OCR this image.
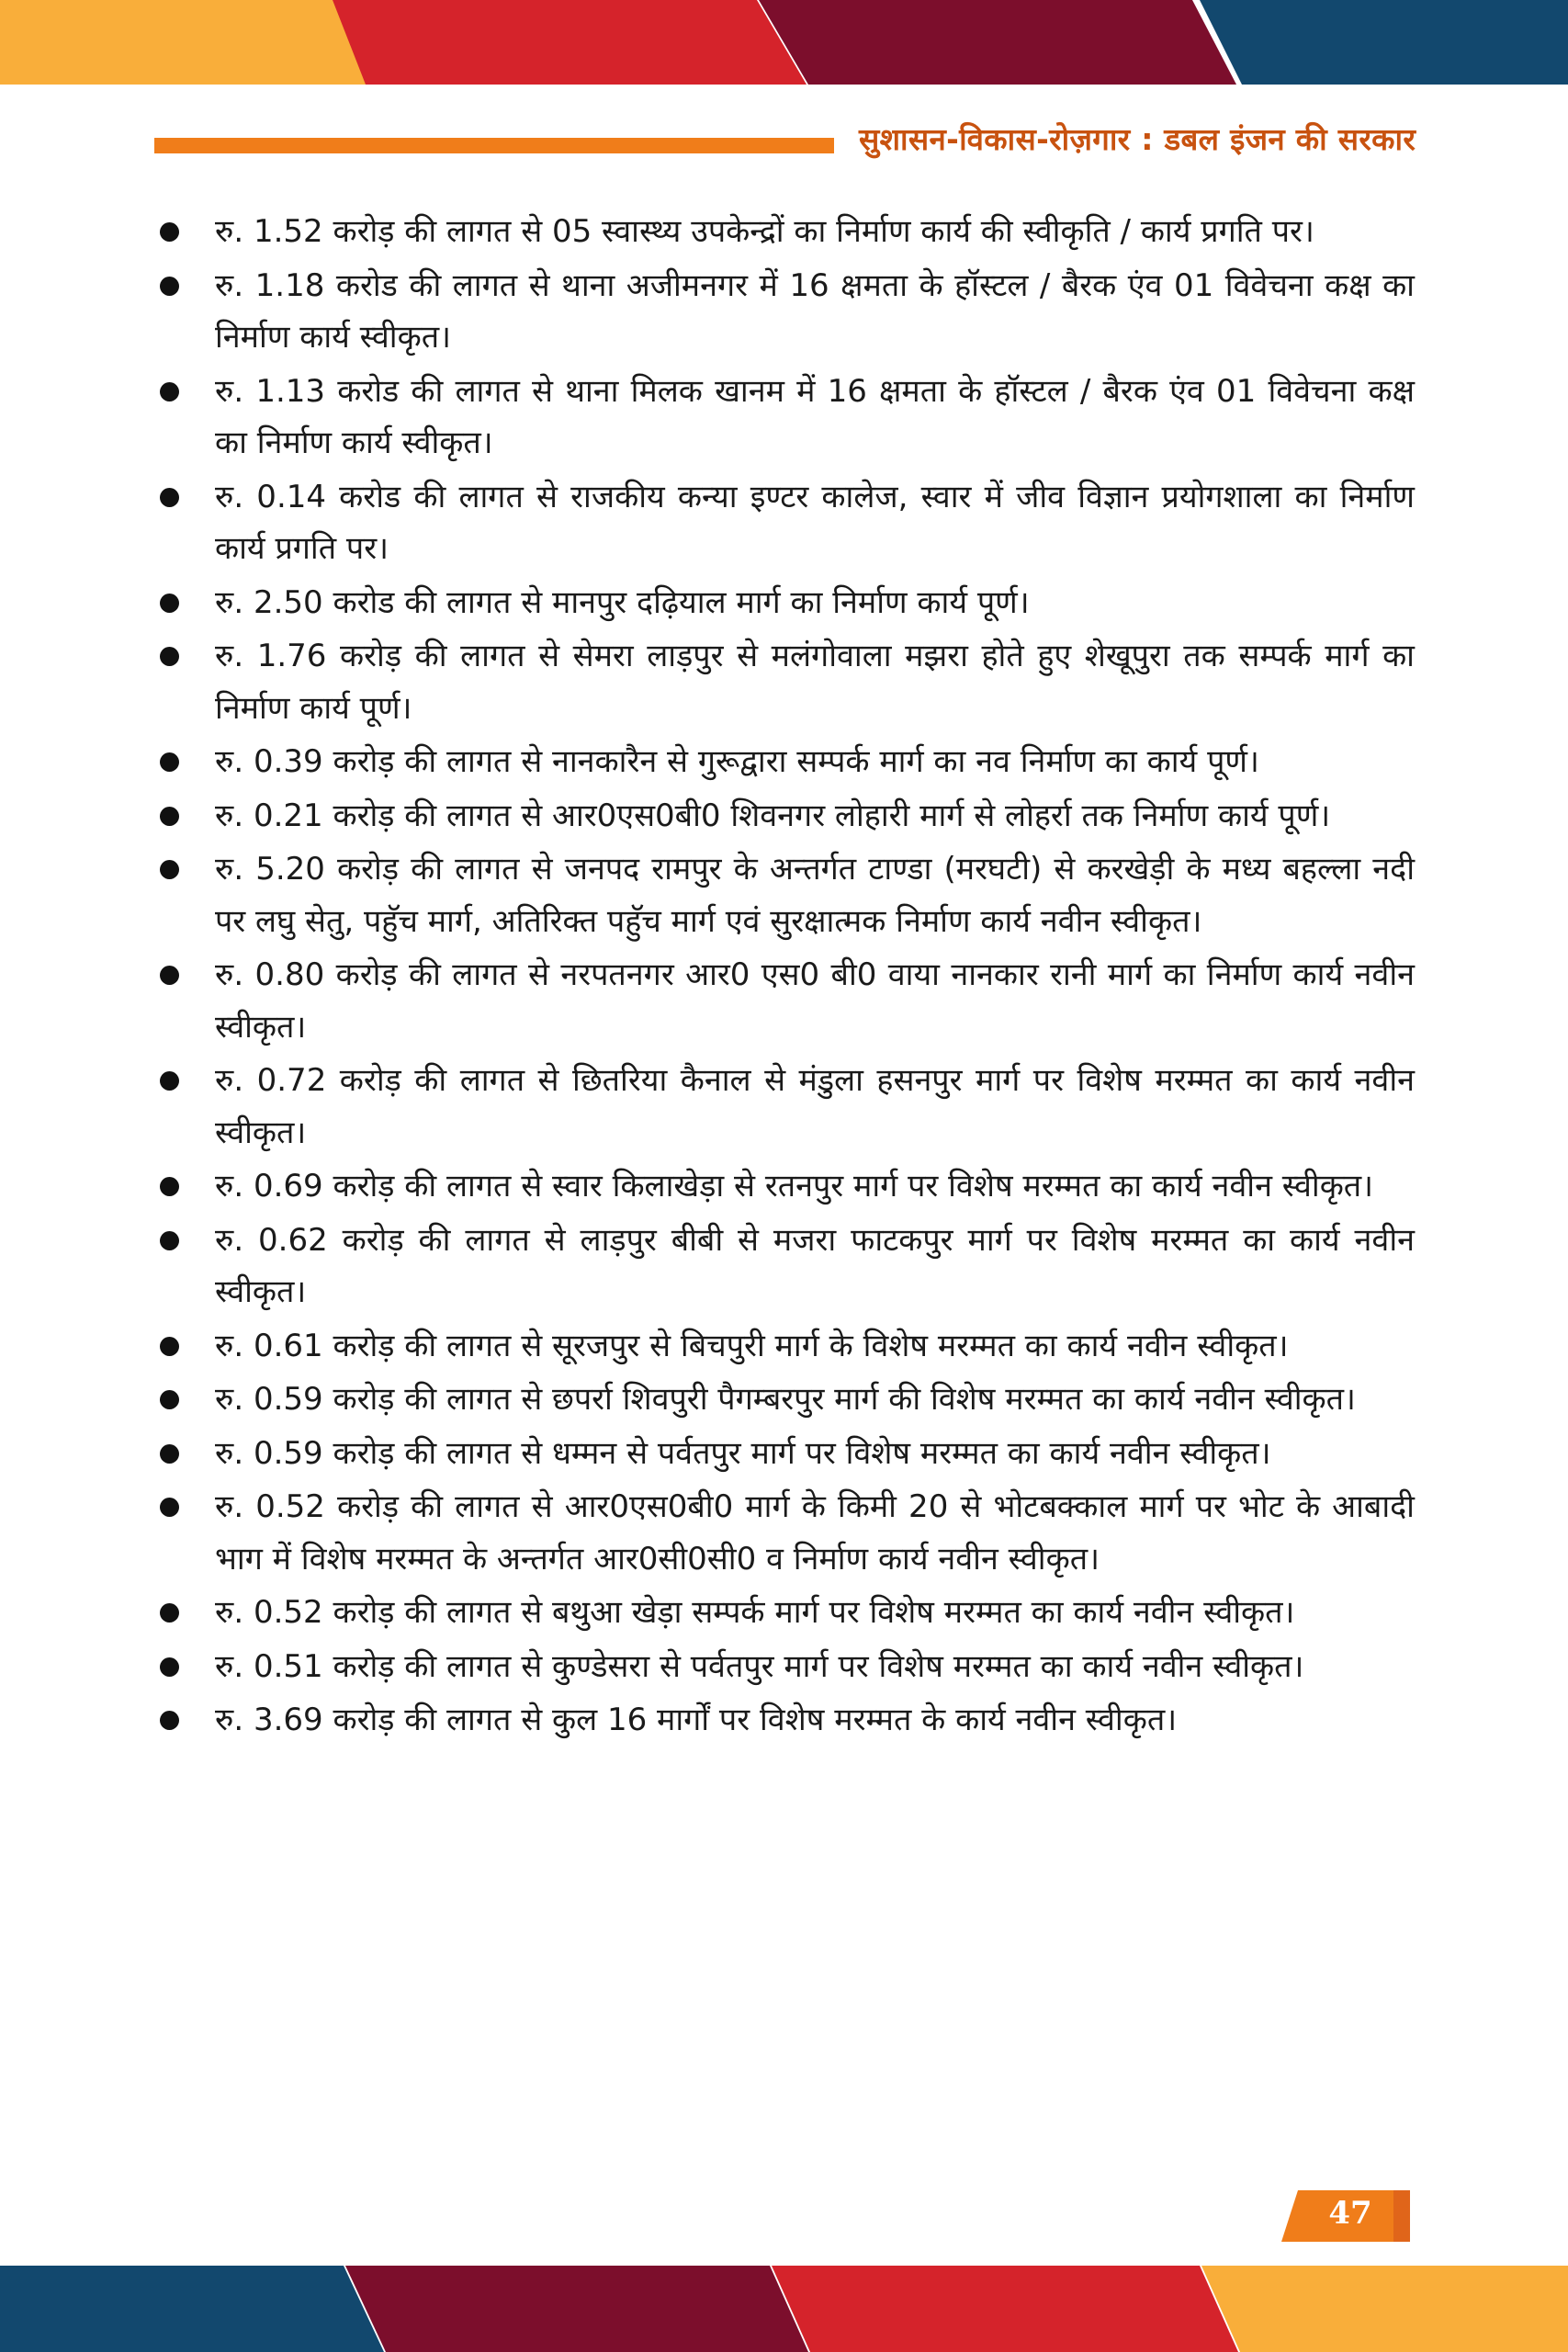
सुशासन-विकास-रोज़गार : डबल इंजन की सरकार
रु. 1.52 करोड़ की लागत से 05 स्वास्थ्य उपकेन्द्रों का निर्माण कार्य की स्वीकृति / कार्य प्रगति पर।
रु. 1.18 करोड की लागत से थाना अजीमनगर में 16 क्षमता के हॉस्टल / बैरक एंव 01 विवेचना कक्ष का निर्माण कार्य स्वीकृत।
रु. 1.13 करोड की लागत से थाना मिलक खानम में 16 क्षमता के हॉस्टल / बैरक एंव 01 विवेचना कक्ष का निर्माण कार्य स्वीकृत।
रु. 0.14 करोड की लागत से राजकीय कन्या इण्टर कालेज, स्वार में जीव विज्ञान प्रयोगशाला का निर्माण कार्य प्रगति पर।
रु. 2.50 करोड की लागत से मानपुर दढ़ियाल मार्ग का निर्माण कार्य पूर्ण।
रु. 1.76 करोड़ की लागत से सेमरा लाड़पुर से मलंगोवाला मझरा होते हुए शेखूपुरा तक सम्पर्क मार्ग का निर्माण कार्य पूर्ण।
रु. 0.39 करोड़ की लागत से नानकारैन से गुरूद्वारा सम्पर्क मार्ग का नव निर्माण का कार्य पूर्ण।
रु. 0.21 करोड़ की लागत से आर0एस0बी0 शिवनगर लोहारी मार्ग से लोहर्रा तक निर्माण कार्य पूर्ण।
रु. 5.20 करोड़ की लागत से जनपद रामपुर के अन्तर्गत टाण्डा (मरघटी) से करखेड़ी के मध्य बहल्ला नदी पर लघु सेतु, पहुॅच मार्ग, अतिरिक्त पहुॅच मार्ग एवं सुरक्षात्मक निर्माण कार्य नवीन स्वीकृत।
रु. 0.80 करोड़ की लागत से नरपतनगर आर0 एस0 बी0 वाया नानकार रानी मार्ग का निर्माण कार्य नवीन स्वीकृत।
रु. 0.72 करोड़ की लागत से छितरिया कैनाल से मंडुला हसनपुर मार्ग पर विशेष मरम्मत का कार्य नवीन स्वीकृत।
रु. 0.69 करोड़ की लागत से स्वार किलाखेड़ा से रतनपुर मार्ग पर विशेष मरम्मत का कार्य नवीन स्वीकृत।
रु. 0.62 करोड़ की लागत से लाड़पुर बीबी से मजरा फाटकपुर मार्ग पर विशेष मरम्मत का कार्य नवीन स्वीकृत।
रु. 0.61 करोड़ की लागत से सूरजपुर से बिचपुरी मार्ग के विशेष मरम्मत का कार्य नवीन स्वीकृत।
रु. 0.59 करोड़ की लागत से छपर्रा शिवपुरी पैगम्बरपुर मार्ग की विशेष मरम्मत का कार्य नवीन स्वीकृत।
रु. 0.59 करोड़ की लागत से धम्मन से पर्वतपुर मार्ग पर विशेष मरम्मत का कार्य नवीन स्वीकृत।
रु. 0.52 करोड़ की लागत से आर0एस0बी0 मार्ग के किमी 20 से भोटबक्काल मार्ग पर भोट के आबादी भाग में विशेष मरम्मत के अन्तर्गत आर0सी0सी0 व निर्माण कार्य नवीन स्वीकृत।
रु. 0.52 करोड़ की लागत से बथुआ खेड़ा सम्पर्क मार्ग पर विशेष मरम्मत का कार्य नवीन स्वीकृत।
रु. 0.51 करोड़ की लागत से कुण्डेसरा से पर्वतपुर मार्ग पर विशेष मरम्मत का कार्य नवीन स्वीकृत।
रु. 3.69 करोड़ की लागत से कुल 16 मार्गों पर विशेष मरम्मत के कार्य नवीन स्वीकृत।
47
